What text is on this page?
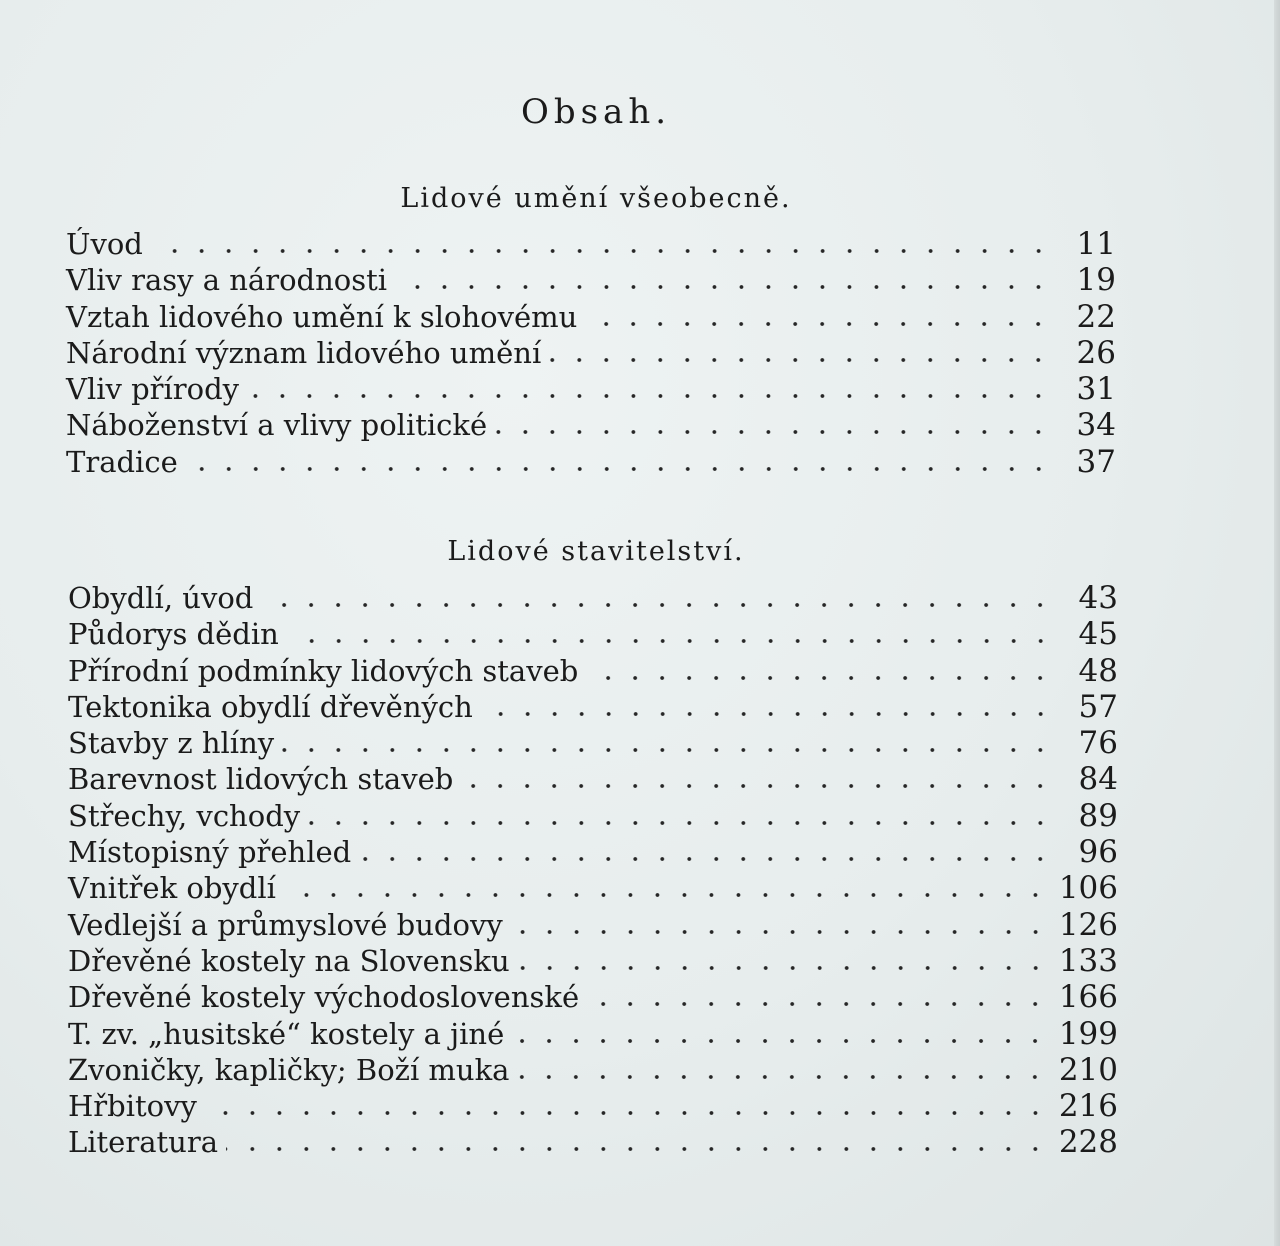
Obsah.
Lidové umění všeobecně.
Úvod	11
Vliv rasy a národnosti	19
Vztah lidového umění k slohovému	22
Národní význam lidového umění	26
Vliv přírody	31
Náboženství a vlivy politické	34
Tradice	37
Lidové stavitelství.
Obydlí, úvod	43
Půdorys dědin	45
Přírodní podmínky lidových staveb	48
Tektonika obydlí dřevěných	57
Stavby z hlíny	76
Barevnost lidových staveb	84
Střechy, vchody	89
Místopisný přehled	96
Vnitřek obydlí	106
Vedlejší a průmyslové budovy	126
Dřevěné kostely na Slovensku	133
Dřevěné kostely východoslovenské	166
T. zv. „husitské“ kostely a jiné	199
Zvoničky, kapličky; Boží muka	210
Hřbitovy	216
Literatura	228
